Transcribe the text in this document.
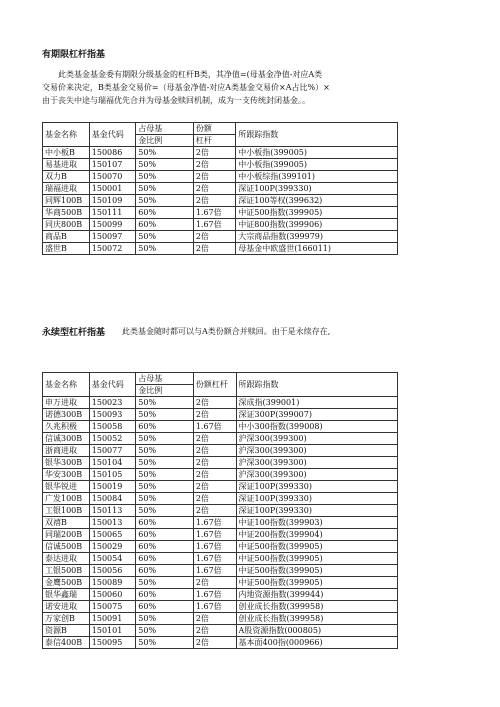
有期限杠杆指基
　　此类基金基金委有期限分级基金的杠杆B类，其净值=(母基金净值-对应A类
交易价来决定，B类基金交易价=（母基金净值-对应A类基金交易价×A占比%）×
由于丧失中途与瑞福优先合并为母基金赎回机制，成为一支传统封闭基金。。
基金名称	基金代码	占母基	份额	所跟踪指数
		金比例	杠杆	
中小板B	150086	50%	2倍	中小板指(399005)
易基进取	150107	50%	2倍	中小板指(399005)
双力B	150070	50%	2倍	中小板综指(399101)
瑞福进取	150001	50%	2倍	深证100P(399330)
同辉100B	150109	50%	2倍	深证100等权(399632)
华商500B	150111	60%	1.67倍	中证500指数(399905)
同庆800B	150099	60%	1.67倍	中证800指数(399906)
商品B	150097	50%	2倍	大宗商品指数(399979)
盛世B	150072	50%	2倍	母基金中欧盛世(166011)
永续型杠杆指基 此类基金随时都可以与A类份额合并赎回。由于是永续存在,
基金名称	基金代码	占母基	份额杠杆	所跟踪指数
		金比例		
申万进取	150023	50%	2倍	深成指(399001)
诺德300B	150093	50%	2倍	深证300P(399007)
久兆积极	150058	60%	1.67倍	中小300指数(399008)
信诚300B	150052	50%	2倍	沪深300(399300)
浙商进取	150077	50%	2倍	沪深300(399300)
银华300B	150104	50%	2倍	沪深300(399300)
华安300B	150105	50%	2倍	沪深300(399300)
银华锐进	150019	50%	2倍	深证100P(399330)
广发100B	150084	50%	2倍	深证100P(399330)
工银100B	150113	50%	2倍	深证100P(399330)
双禧B	150013	60%	1.67倍	中证100指数(399903)
同瑞200B	150065	60%	1.67倍	中证200指数(399904)
信诚500B	150029	60%	1.67倍	中证500指数(399905)
泰达进取	150054	60%	1.67倍	中证500指数(399905)
工银500B	150056	60%	1.67倍	中证500指数(399905)
金鹰500B	150089	50%	2倍	中证500指数(399905)
银华鑫瑞	150060	60%	1.67倍	内地资源指数(399944)
诺安进取	150075	60%	1.67倍	创业成长指数(399958)
万家创B	150091	50%	2倍	创业成长指数(399958)
资源B	150101	50%	2倍	A股资源指数(000805)
泰信400B	150095	50%	2倍	基本面400指(000966)
